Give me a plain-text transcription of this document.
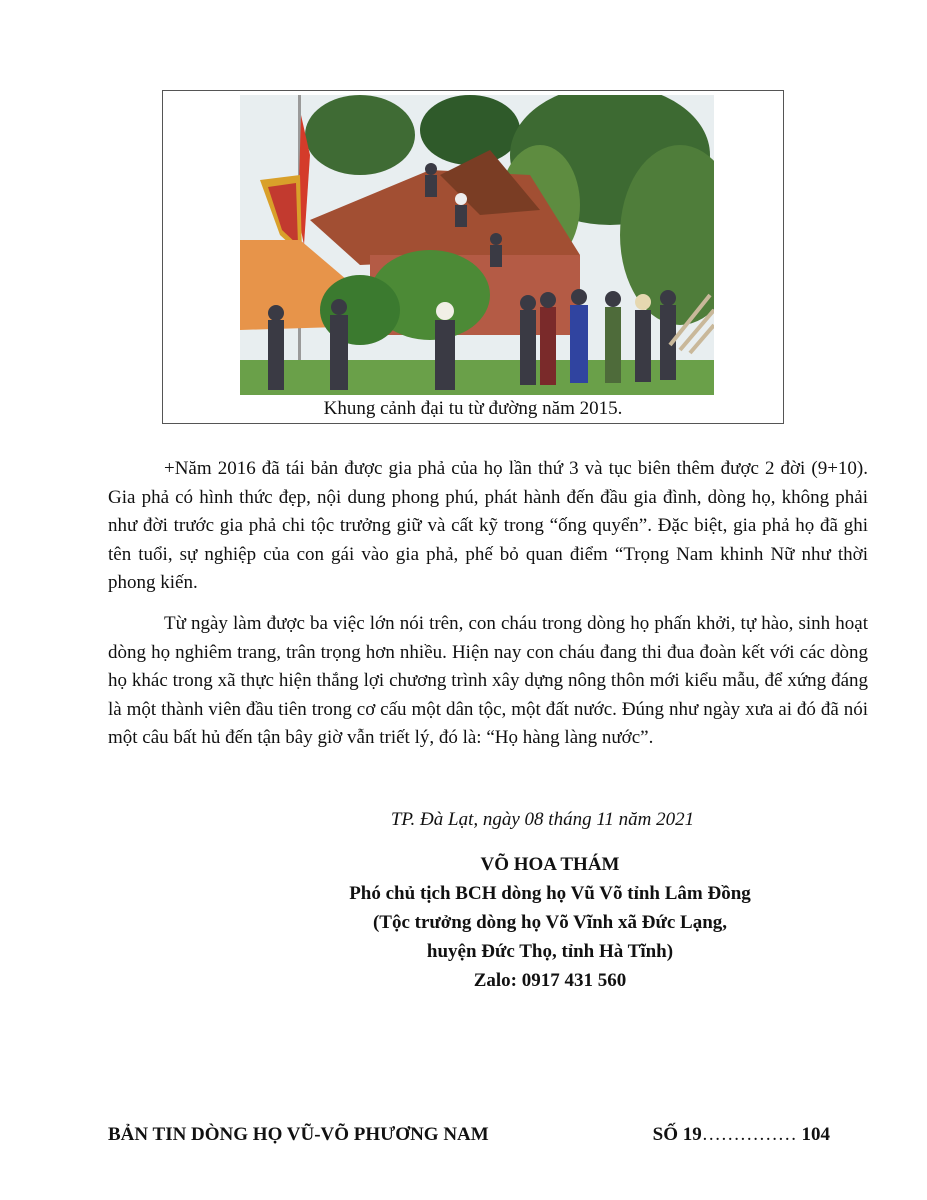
Khung cảnh đại tu từ đường năm 2015.

+Năm 2016 đã tái bản được gia phả của họ lần thứ 3 và tục biên thêm được 2 đời (9+10). Gia phả có hình thức đẹp, nội dung phong phú, phát hành đến đầu gia đình, dòng họ, không phải như đời trước gia phả chi tộc trưởng giữ và cất kỹ trong “ống quyển”. Đặc biệt, gia phả họ đã ghi tên tuổi, sự nghiệp của con gái vào gia phả, phế bỏ quan điểm “Trọng Nam khinh Nữ như thời phong kiến.

Từ ngày làm được ba việc lớn nói trên, con cháu trong dòng họ phấn khởi, tự hào, sinh hoạt dòng họ nghiêm trang, trân trọng hơn nhiều. Hiện nay con cháu đang thi đua đoàn kết với các dòng họ khác trong xã thực hiện thắng lợi chương trình xây dựng nông thôn mới kiểu mẫu, để xứng đáng là một thành viên đầu tiên trong cơ cấu một dân tộc, một đất nước. Đúng như ngày xưa ai đó đã nói một câu bất hủ đến tận bây giờ vẫn triết lý, đó là: “Họ hàng làng nước”.

TP. Đà Lạt, ngày 08 tháng 11 năm 2021
VÕ HOA THÁM
Phó chủ tịch BCH dòng họ Vũ Võ tỉnh Lâm Đồng
(Tộc trưởng dòng họ Võ Vĩnh xã Đức Lạng,
huyện Đức Thọ, tỉnh Hà Tĩnh)
Zalo: 0917 431 560
BẢN TIN DÒNG HỌ VŨ-VÕ PHƯƠNG NAM	SỐ 19…………… 104
